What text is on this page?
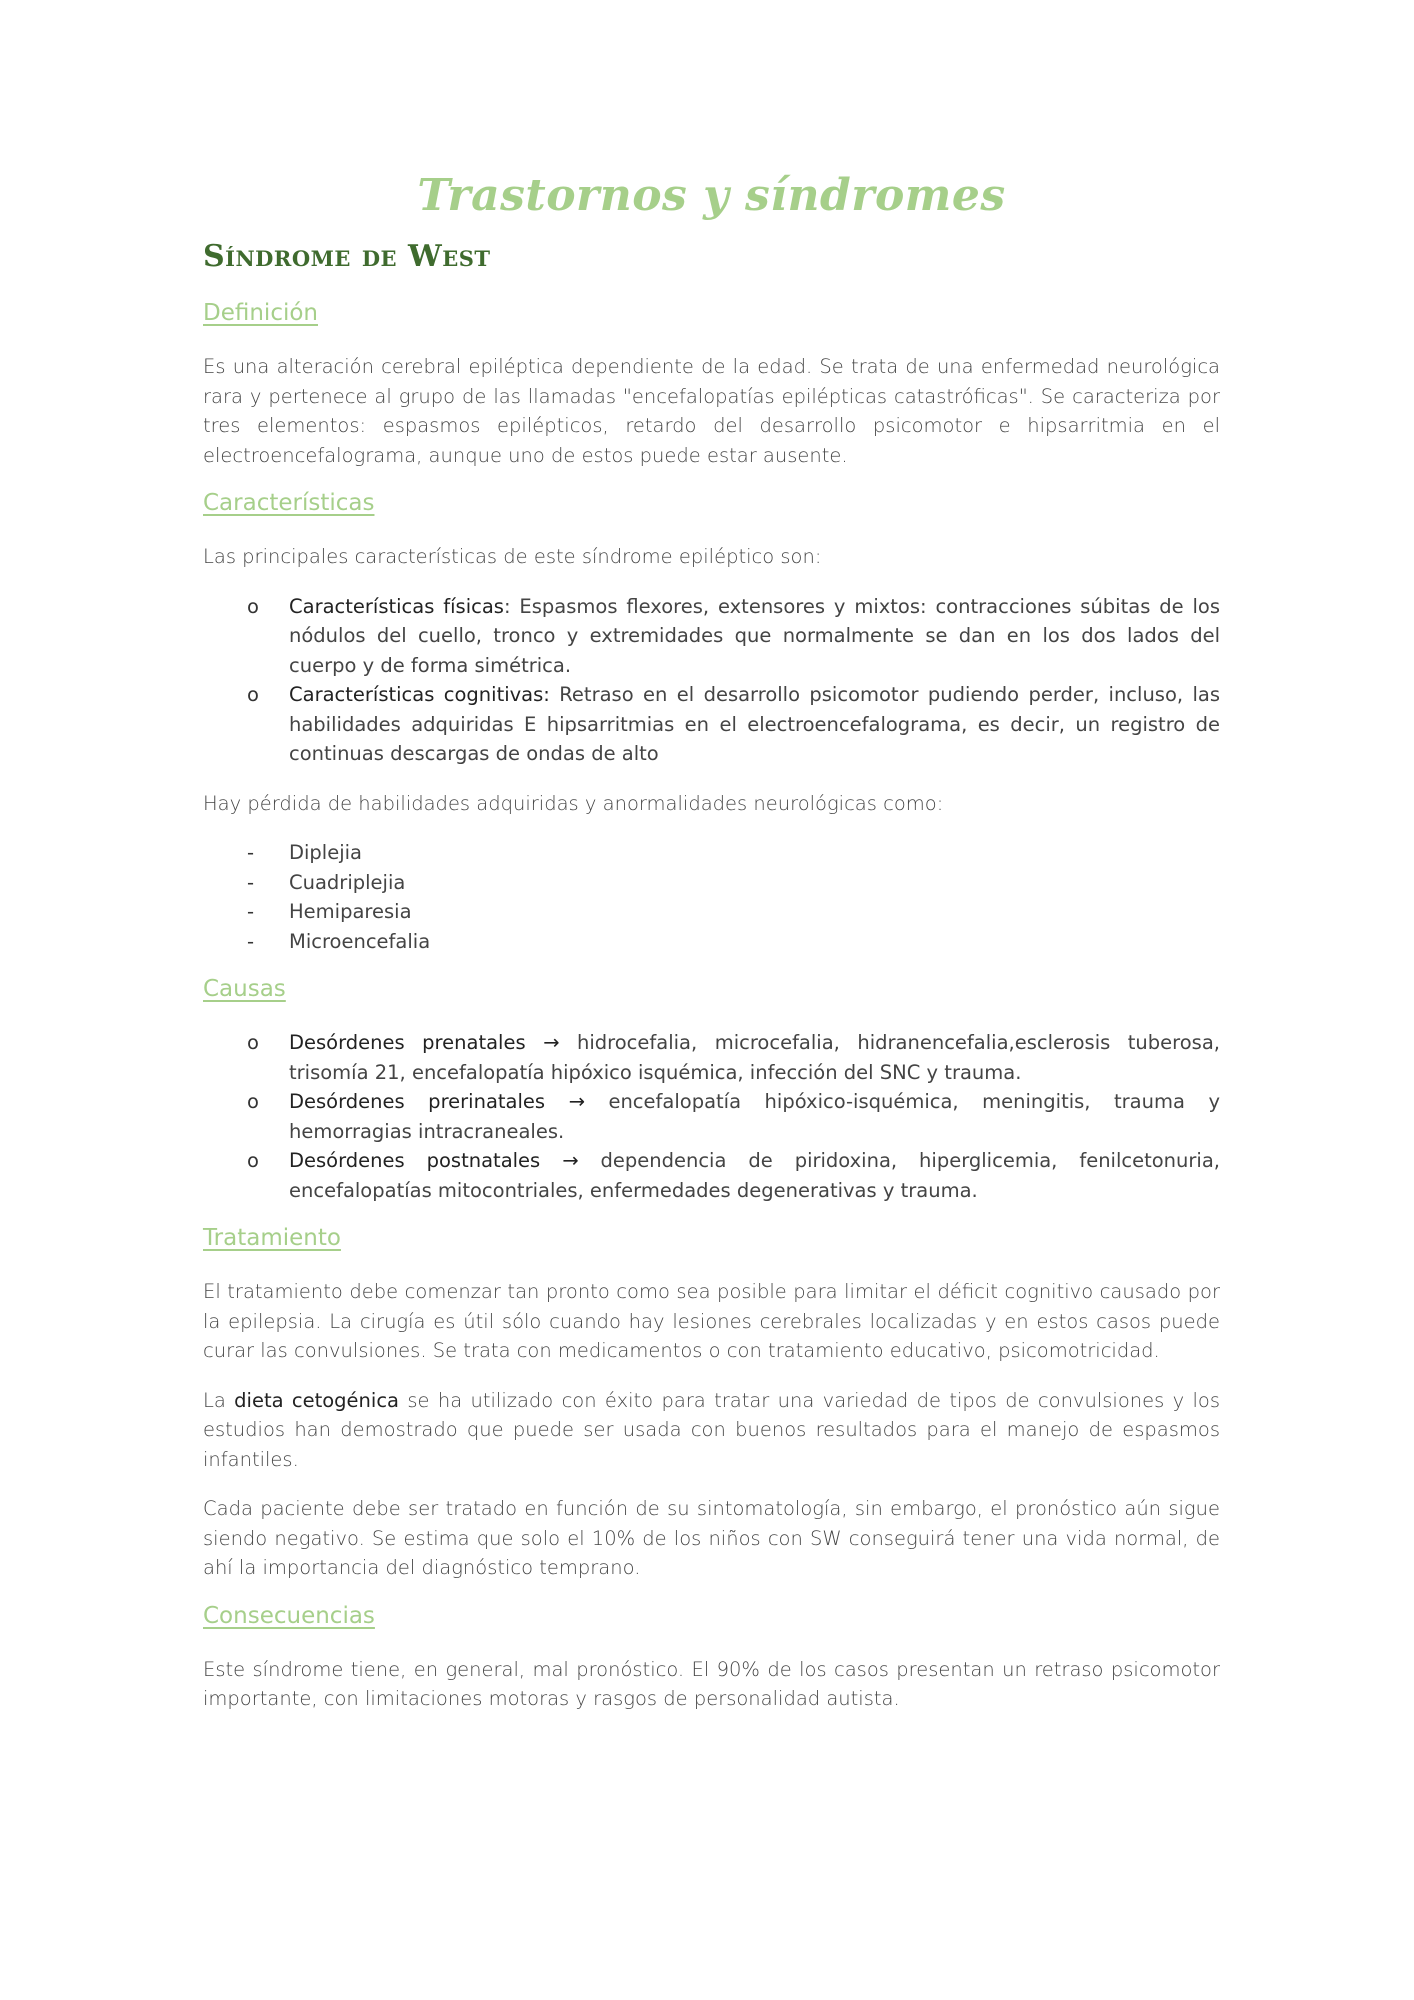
Trastornos y síndromes
Síndrome de West
Definición

Es una alteración cerebral epiléptica dependiente de la edad. Se trata de una enfermedad neurológica rara y pertenece al grupo de las llamadas "encefalopatías epilépticas catastróficas". Se caracteriza por tres elementos: espasmos epilépticos, retardo del desarrollo psicomotor e hipsarritmia en el electroencefalograma, aunque uno de estos puede estar ausente.

Características

Las principales características de este síndrome epiléptico son:

o Características físicas: Espasmos flexores, extensores y mixtos: contracciones súbitas de los nódulos del cuello, tronco y extremidades que normalmente se dan en los dos lados del cuerpo y de forma simétrica.
o Características cognitivas: Retraso en el desarrollo psicomotor pudiendo perder, incluso, las habilidades adquiridas E hipsarritmias en el electroencefalograma, es decir, un registro de continuas descargas de ondas de alto

Hay pérdida de habilidades adquiridas y anormalidades neurológicas como:

- Diplejia
- Cuadriplejia
- Hemiparesia
- Microencefalia
Causas
o Desórdenes prenatales → hidrocefalia, microcefalia, hidranencefalia,esclerosis tuberosa, trisomía 21, encefalopatía hipóxico isquémica, infección del SNC y trauma.
o Desórdenes prerinatales → encefalopatía hipóxico-isquémica, meningitis, trauma y hemorragias intracraneales.
o Desórdenes postnatales → dependencia de piridoxina, hiperglicemia, fenilcetonuria, encefalopatías mitocontriales, enfermedades degenerativas y trauma.
Tratamiento

El tratamiento debe comenzar tan pronto como sea posible para limitar el déficit cognitivo causado por la epilepsia. La cirugía es útil sólo cuando hay lesiones cerebrales localizadas y en estos casos puede curar las convulsiones. Se trata con medicamentos o con tratamiento educativo, psicomotricidad.

La dieta cetogénica se ha utilizado con éxito para tratar una variedad de tipos de convulsiones y los estudios han demostrado que puede ser usada con buenos resultados para el manejo de espasmos infantiles.

Cada paciente debe ser tratado en función de su sintomatología, sin embargo, el pronóstico aún sigue siendo negativo. Se estima que solo el 10% de los niños con SW conseguirá tener una vida normal, de ahí la importancia del diagnóstico temprano.

Consecuencias

Este síndrome tiene, en general, mal pronóstico. El 90% de los casos presentan un retraso psicomotor importante, con limitaciones motoras y rasgos de personalidad autista.
